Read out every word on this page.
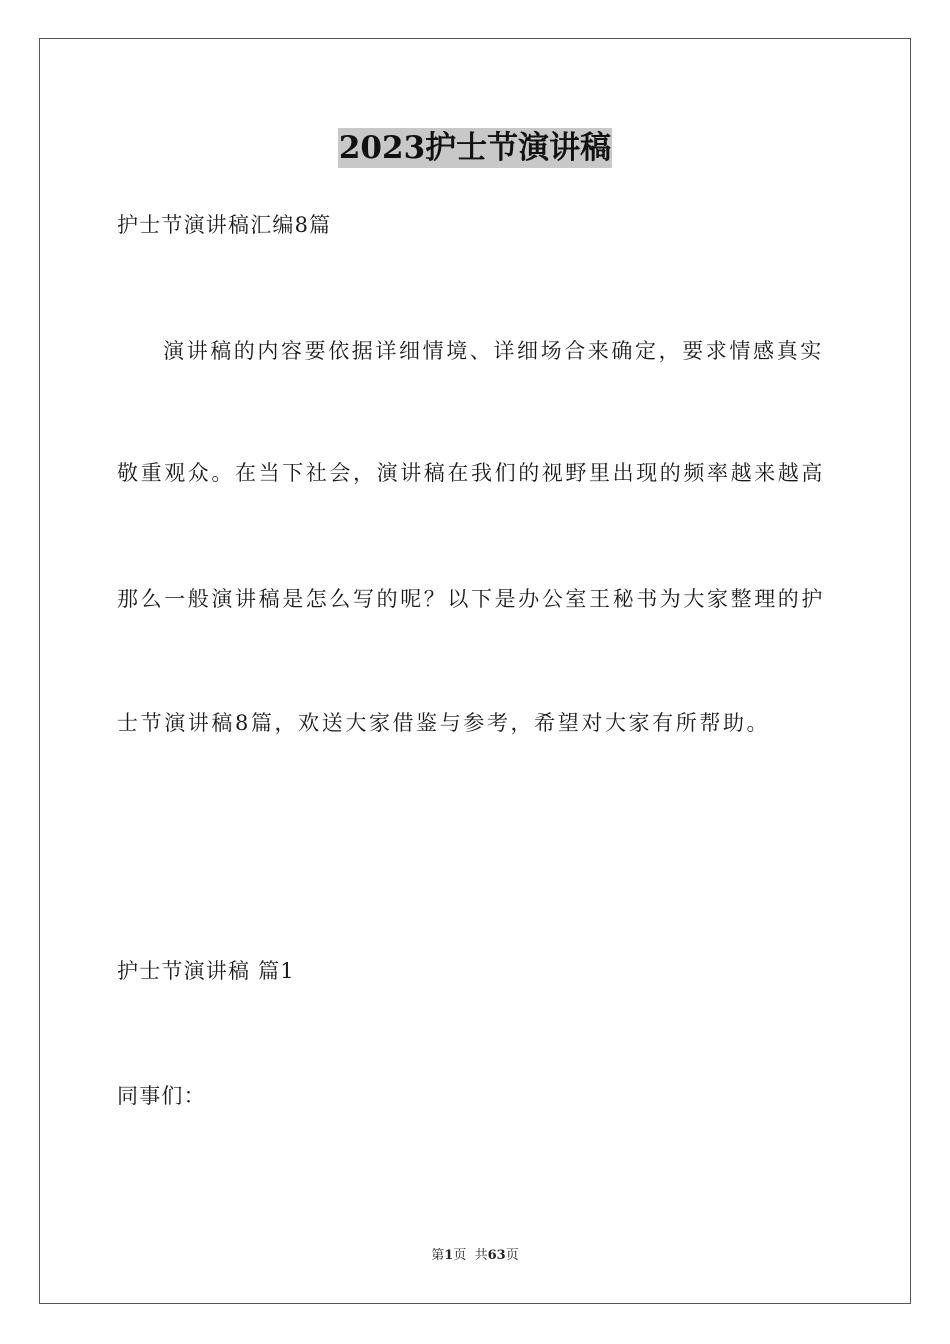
2023护士节演讲稿
护士节演讲稿汇编8篇
演讲稿的内容要依据详细情境、详细场合来确定，要求情感真实
敬重观众。在当下社会，演讲稿在我们的视野里出现的频率越来越高
那么一般演讲稿是怎么写的呢？以下是办公室王秘书为大家整理的护
士节演讲稿8篇，欢送大家借鉴与参考，希望对大家有所帮助。
护士节演讲稿 篇1
同事们：
第1页  共63页
